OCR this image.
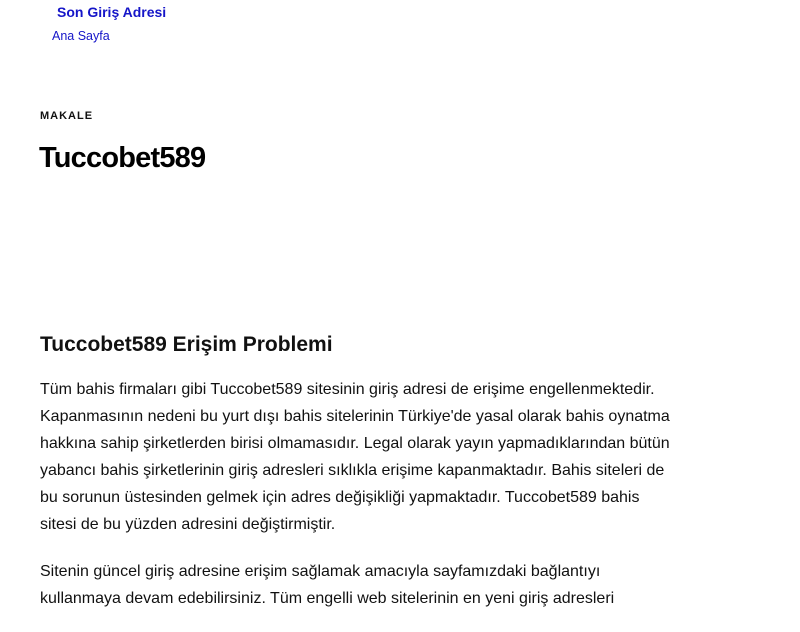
Son Giriş Adresi
Ana Sayfa
MAKALE
Tuccobet589
Tuccobet589 Erişim Problemi

Tüm bahis firmaları gibi Tuccobet589 sitesinin giriş adresi de erişime engellenmektedir.
Kapanmasının nedeni bu yurt dışı bahis sitelerinin Türkiye'de yasal olarak bahis oynatma
hakkına sahip şirketlerden birisi olmamasıdır. Legal olarak yayın yapmadıklarından bütün
yabancı bahis şirketlerinin giriş adresleri sıklıkla erişime kapanmaktadır. Bahis siteleri de
bu sorunun üstesinden gelmek için adres değişikliği yapmaktadır. Tuccobet589 bahis
sitesi de bu yüzden adresini değiştirmiştir.

Sitenin güncel giriş adresine erişim sağlamak amacıyla sayfamızdaki bağlantıyı
kullanmaya devam edebilirsiniz. Tüm engelli web sitelerinin en yeni giriş adresleri
